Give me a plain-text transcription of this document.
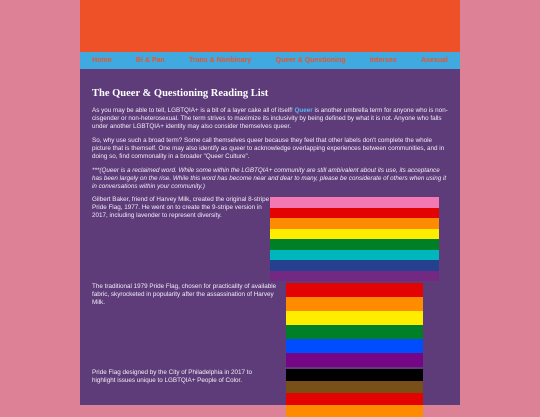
Home	Bi & Pan	Trans & Nonbinary	Queer & Questioning	Intersex	Asexual
The Queer & Questioning Reading List

As you may be able to tell, LGBTQIA+ is a bit of a layer cake all of itself! Queer is another umbrella term for anyone who is non-cisgender or non-heterosexual. The term strives to maximize its inclusivity by being defined by what it is not. Anyone who falls under another LGBTQIA+ identity may also consider themselves queer.

So, why use such a broad term? Some call themselves queer because they feel that other labels don't complete the whole picture that is themself. One may also identify as queer to acknowledge overlapping experiences between communities, and in doing so, find commonality in a broader "Queer Culture".

***(Queer is a reclaimed word. While some within the LGBTQIA+ community are still ambivalent about its use, its acceptance has been largely on the rise. While this word has become near and dear to many, please be considerate of others when using it in conversations within your community.)

Gilbert Baker, friend of Harvey Milk, created the original 8-stripe Pride Flag, 1977. He went on to create the 9-stripe version in 2017, including lavender to represent diversity.
The traditional 1979 Pride Flag, chosen for practicality of available fabric, skyrocketed in popularity after the assassination of Harvey Milk.
Pride Flag designed by the City of Philadelphia in 2017 to highlight issues unique to LGBTQIA+ People of Color.
